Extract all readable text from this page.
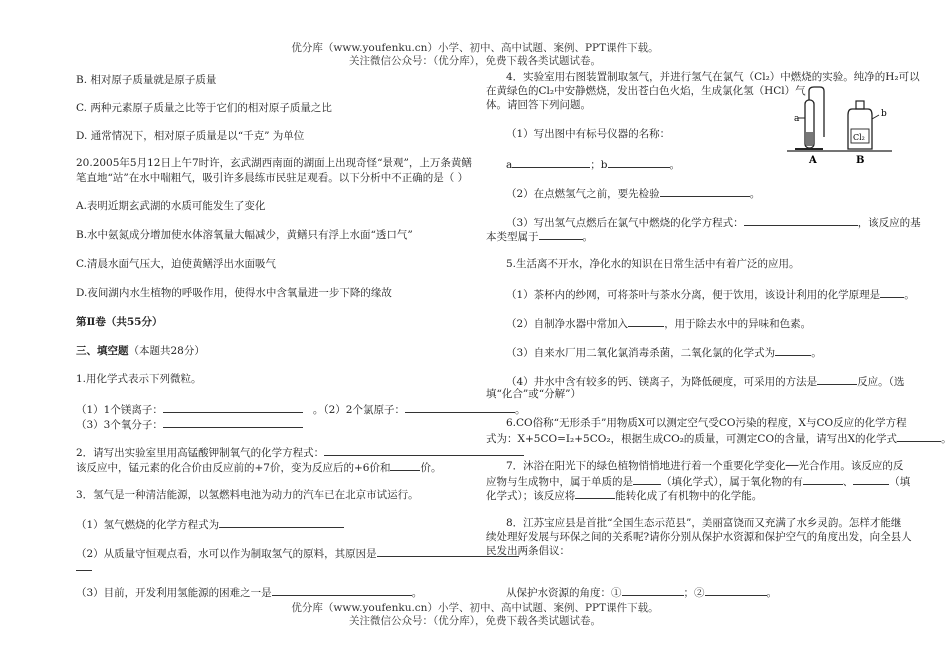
优分库（www.youfenku.cn）小学、初中、高中试题、案例、PPT课件下载。
关注微信公众号：（优分库），免费下载各类试题试卷。
B. 相对原子质量就是原子质量
C. 两种元素原子质量之比等于它们的相对原子质量之比
D. 通常情况下，相对原子质量是以“千克” 为单位
20.2005年5月12日上午7时许，玄武湖西南面的湖面上出现奇怪“景观”，上万条黄鳝
笔直地“站”在水中喘粗气，吸引许多晨练市民驻足观看。以下分析中不正确的是（ ）
A.表明近期玄武湖的水质可能发生了变化
B.水中氨氮成分增加使水体溶氧量大幅减少，黄鳝只有浮上水面“透口气”
C.清晨水面气压大，迫使黄鳝浮出水面吸气
D.夜间湖内水生植物的呼吸作用，使得水中含氧量进一步下降的缘故
第Ⅱ卷（共55分）
三、填空题（本题共28分）
1.用化学式表示下列微粒。
（1）1个镁离子：	。（2）2个氯原子：	。
（3）3个氧分子：
2．请写出实验室里用高锰酸钾制氧气的化学方程式：
该反应中，锰元素的化合价由反应前的+7价，变为反应后的+6价和	价。
3．氢气是一种清洁能源，以氢燃料电池为动力的汽车已在北京市试运行。
（1）氢气燃烧的化学方程式为
（2）从质量守恒观点看，水可以作为制取氢气的原料，其原因是
（3）目前，开发利用氢能源的困难之一是	。
4．实验室用右图装置制取氢气，并进行氢气在氯气（Cl₂）中燃烧的实验。纯净的H₂可以
在黄绿色的Cl₂中安静燃烧，发出苍白色火焰，生成氯化氢（HCl）气
体。请回答下列问题。
a	b
Cl₂
A	B
（1）写出图中有标号仪器的名称：
a	；b	。
（2）在点燃氢气之前，要先检验	。
（3）写出氢气点燃后在氯气中燃烧的化学方程式：	，该反应的基
本类型属于	。
5.生活离不开水，净化水的知识在日常生活中有着广泛的应用。
（1）茶杯内的纱网，可将茶叶与茶水分离，便于饮用，该设计利用的化学原理是 。
（2）自制净水器中常加入	，用于除去水中的异味和色素。
（3）自来水厂用二氧化氯消毒杀菌，二氧化氯的化学式为	。
（4）井水中含有较多的钙、镁离子，为降低硬度，可采用的方法是	反应。（选
填“化合”或“分解”）
6.CO俗称“无形杀手”用物质X可以测定空气受CO污染的程度，X与CO反应的化学方程
式为：X+5CO=I₂+5CO₂，根据生成CO₂的质量，可测定CO的含量，请写出X的化学式	。
7．沐浴在阳光下的绿色植物悄悄地进行着一个重要化学变化──光合作用。该反应的反
应物与生成物中，属于单质的是	（填化学式），属于氧化物的有	、	（填
化学式）；该反应将	能转化成了有机物中的化学能。
8．江苏宝应县是首批“全国生态示范县”，美丽富饶而又充满了水乡灵韵。怎样才能继
续处理好发展与环保之间的关系呢?请你分别从保护水资源和保护空气的角度出发，向全县人
民发出两条倡议：
从保护水资源的角度：①	；②	。
优分库（www.youfenku.cn）小学、初中、高中试题、案例、PPT课件下载。
关注微信公众号：（优分库），免费下载各类试题试卷。
